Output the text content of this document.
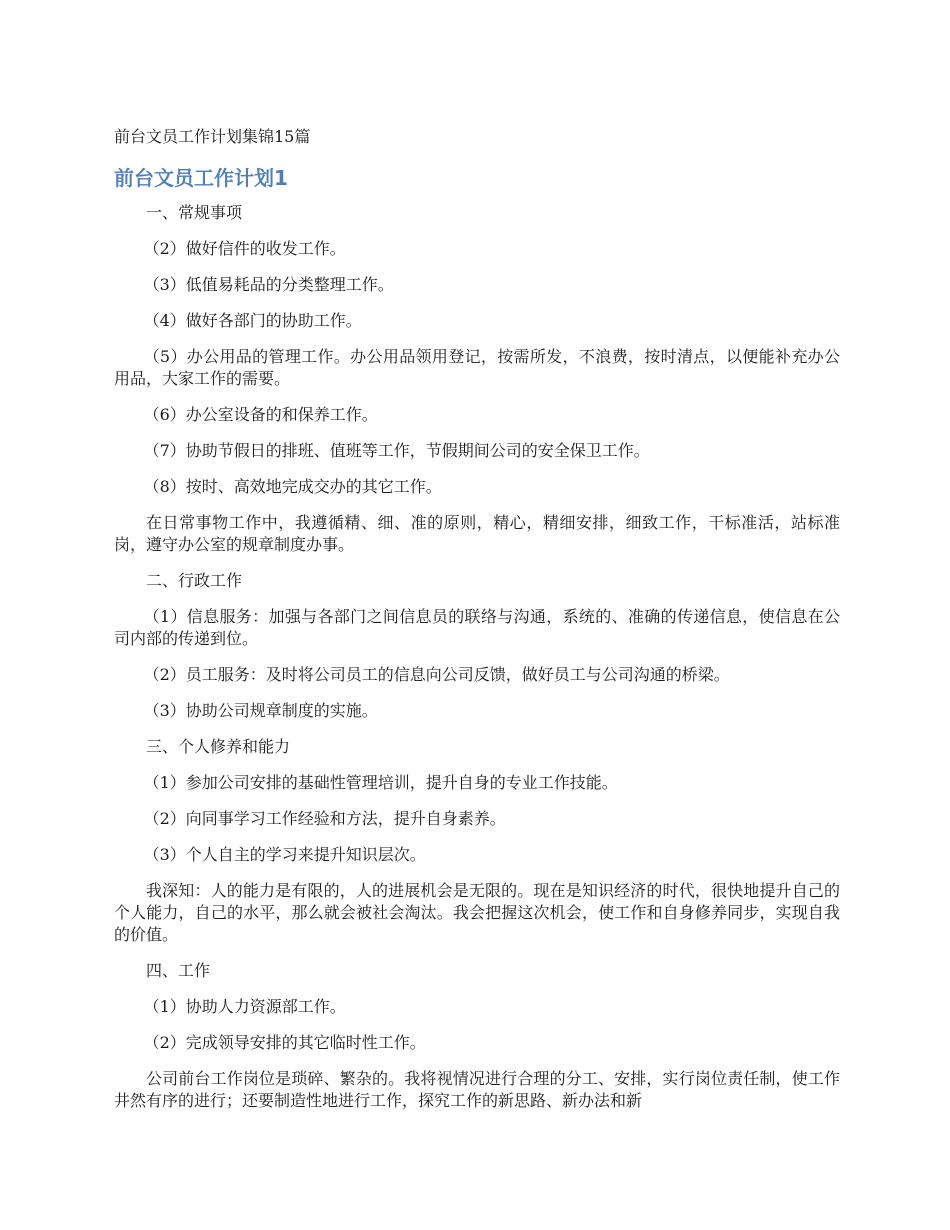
前台文员工作计划集锦15篇
前台文员工作计划1

一、常规事项

（2）做好信件的收发工作。

（3）低值易耗品的分类整理工作。

（4）做好各部门的协助工作。

（5）办公用品的管理工作。办公用品领用登记，按需所发，不浪费，按时清点，以便能补充办公用品，大家工作的需要。

（6）办公室设备的和保养工作。

（7）协助节假日的排班、值班等工作，节假期间公司的安全保卫工作。

（8）按时、高效地完成交办的其它工作。

在日常事物工作中，我遵循精、细、准的原则，精心，精细安排，细致工作，干标准活，站标准岗，遵守办公室的规章制度办事。

二、行政工作

（1）信息服务：加强与各部门之间信息员的联络与沟通，系统的、准确的传递信息，使信息在公司内部的传递到位。

（2）员工服务：及时将公司员工的信息向公司反馈，做好员工与公司沟通的桥梁。

（3）协助公司规章制度的实施。

三、个人修养和能力

（1）参加公司安排的基础性管理培训，提升自身的专业工作技能。

（2）向同事学习工作经验和方法，提升自身素养。

（3）个人自主的学习来提升知识层次。

我深知：人的能力是有限的，人的进展机会是无限的。现在是知识经济的时代，很快地提升自己的个人能力，自己的水平，那么就会被社会淘汰。我会把握这次机会，使工作和自身修养同步，实现自我的价值。

四、工作

（1）协助人力资源部工作。

（2）完成领导安排的其它临时性工作。

公司前台工作岗位是琐碎、繁杂的。我将视情况进行合理的分工、安排，实行岗位责任制，使工作井然有序的进行；还要制造性地进行工作，探究工作的新思路、新办法和新
